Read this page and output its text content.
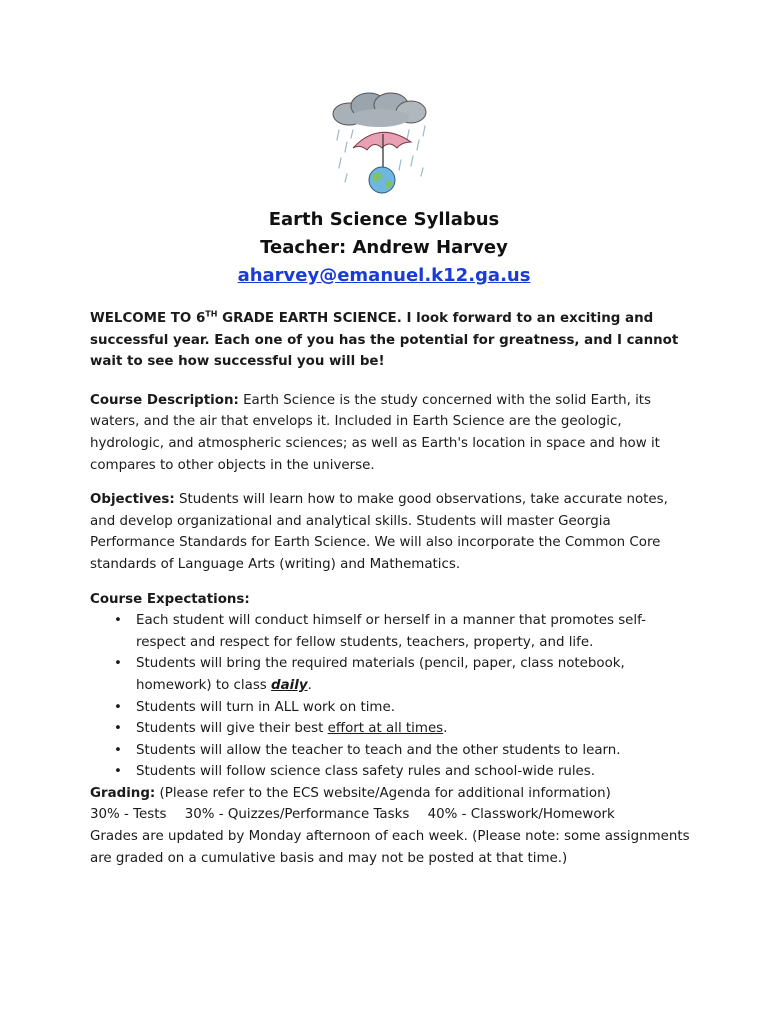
Earth Science Syllabus
Teacher: Andrew Harvey
aharvey@emanuel.k12.ga.us

WELCOME TO 6TH GRADE EARTH SCIENCE. I look forward to an exciting and successful year. Each one of you has the potential for greatness, and I cannot wait to see how successful you will be!

Course Description: Earth Science is the study concerned with the solid Earth, its waters, and the air that envelops it. Included in Earth Science are the geologic, hydrologic, and atmospheric sciences; as well as Earth's location in space and how it compares to other objects in the universe.

Objectives: Students will learn how to make good observations, take accurate notes, and develop organizational and analytical skills. Students will master Georgia Performance Standards for Earth Science. We will also incorporate the Common Core standards of Language Arts (writing) and Mathematics.

Course Expectations:
• Each student will conduct himself or herself in a manner that promotes self-respect and respect for fellow students, teachers, property, and life.
• Students will bring the required materials (pencil, paper, class notebook, homework) to class daily.
• Students will turn in ALL work on time.
• Students will give their best effort at all times.
• Students will allow the teacher to teach and the other students to learn.
• Students will follow science class safety rules and school-wide rules.
Grading: (Please refer to the ECS website/Agenda for additional information)
30% - Tests 30% - Quizzes/Performance Tasks 40% - Classwork/Homework
Grades are updated by Monday afternoon of each week. (Please note: some assignments are graded on a cumulative basis and may not be posted at that time.)
